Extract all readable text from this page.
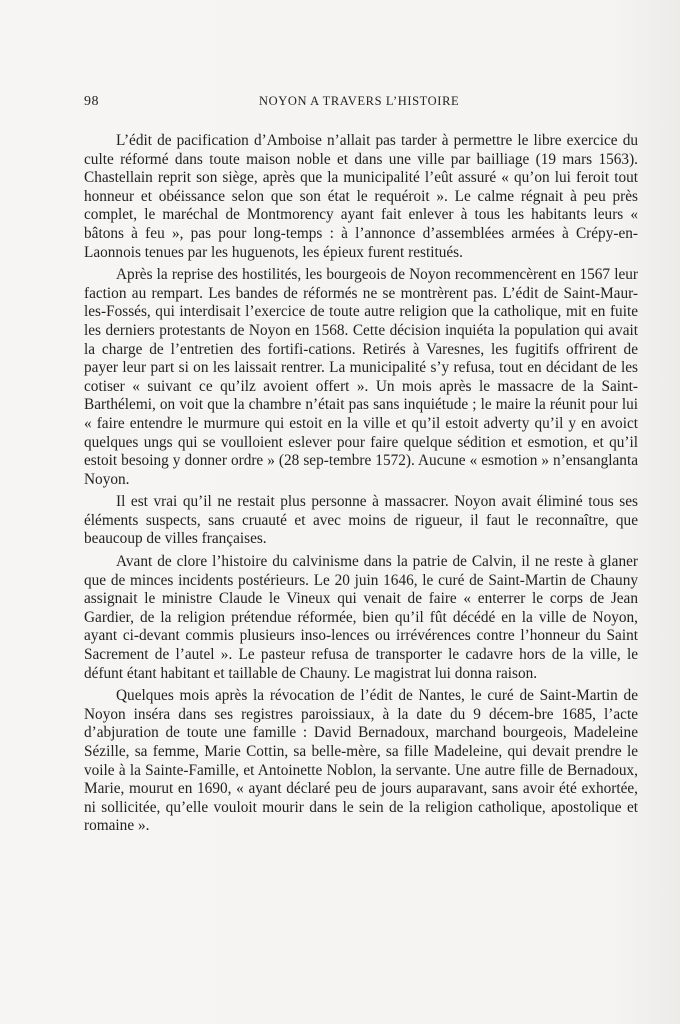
98	NOYON A TRAVERS L’HISTOIRE

L’édit de pacification d’Amboise n’allait pas tarder à permettre le libre exercice du culte réformé dans toute maison noble et dans une ville par bailliage (19 mars 1563). Chastellain reprit son siège, après que la municipalité l’eût assuré « qu’on lui feroit tout honneur et obéissance selon que son état le requéroit ». Le calme régnait à peu près complet, le maréchal de Montmorency ayant fait enlever à tous les habitants leurs « bâtons à feu », pas pour long-temps : à l’annonce d’assemblées armées à Crépy-en-Laonnois tenues par les huguenots, les épieux furent restitués.

Après la reprise des hostilités, les bourgeois de Noyon recommencèrent en 1567 leur faction au rempart. Les bandes de réformés ne se montrèrent pas. L’édit de Saint-Maur-les-Fossés, qui interdisait l’exercice de toute autre religion que la catholique, mit en fuite les derniers protestants de Noyon en 1568. Cette décision inquiéta la population qui avait la charge de l’entretien des fortifi-cations. Retirés à Varesnes, les fugitifs offrirent de payer leur part si on les laissait rentrer. La municipalité s’y refusa, tout en décidant de les cotiser « suivant ce qu’ilz avoient offert ». Un mois après le massacre de la Saint-Barthélemi, on voit que la chambre n’était pas sans inquiétude ; le maire la réunit pour lui « faire entendre le murmure qui estoit en la ville et qu’il estoit adverty qu’il y en avoict quelques ungs qui se voulloient eslever pour faire quelque sédition et esmotion, et qu’il estoit besoing y donner ordre » (28 sep-tembre 1572). Aucune « esmotion » n’ensanglanta Noyon.

Il est vrai qu’il ne restait plus personne à massacrer. Noyon avait éliminé tous ses éléments suspects, sans cruauté et avec moins de rigueur, il faut le reconnaître, que beaucoup de villes françaises.

Avant de clore l’histoire du calvinisme dans la patrie de Calvin, il ne reste à glaner que de minces incidents postérieurs. Le 20 juin 1646, le curé de Saint-Martin de Chauny assignait le ministre Claude le Vineux qui venait de faire « enterrer le corps de Jean Gardier, de la religion prétendue réformée, bien qu’il fût décédé en la ville de Noyon, ayant ci-devant commis plusieurs inso-lences ou irrévérences contre l’honneur du Saint Sacrement de l’autel ». Le pasteur refusa de transporter le cadavre hors de la ville, le défunt étant habitant et taillable de Chauny. Le magistrat lui donna raison.

Quelques mois après la révocation de l’édit de Nantes, le curé de Saint-Martin de Noyon inséra dans ses registres paroissiaux, à la date du 9 décem-bre 1685, l’acte d’abjuration de toute une famille : David Bernadoux, marchand bourgeois, Madeleine Sézille, sa femme, Marie Cottin, sa belle-mère, sa fille Madeleine, qui devait prendre le voile à la Sainte-Famille, et Antoinette Noblon, la servante. Une autre fille de Bernadoux, Marie, mourut en 1690, « ayant déclaré peu de jours auparavant, sans avoir été exhortée, ni sollicitée, qu’elle vouloit mourir dans le sein de la religion catholique, apostolique et romaine ».
